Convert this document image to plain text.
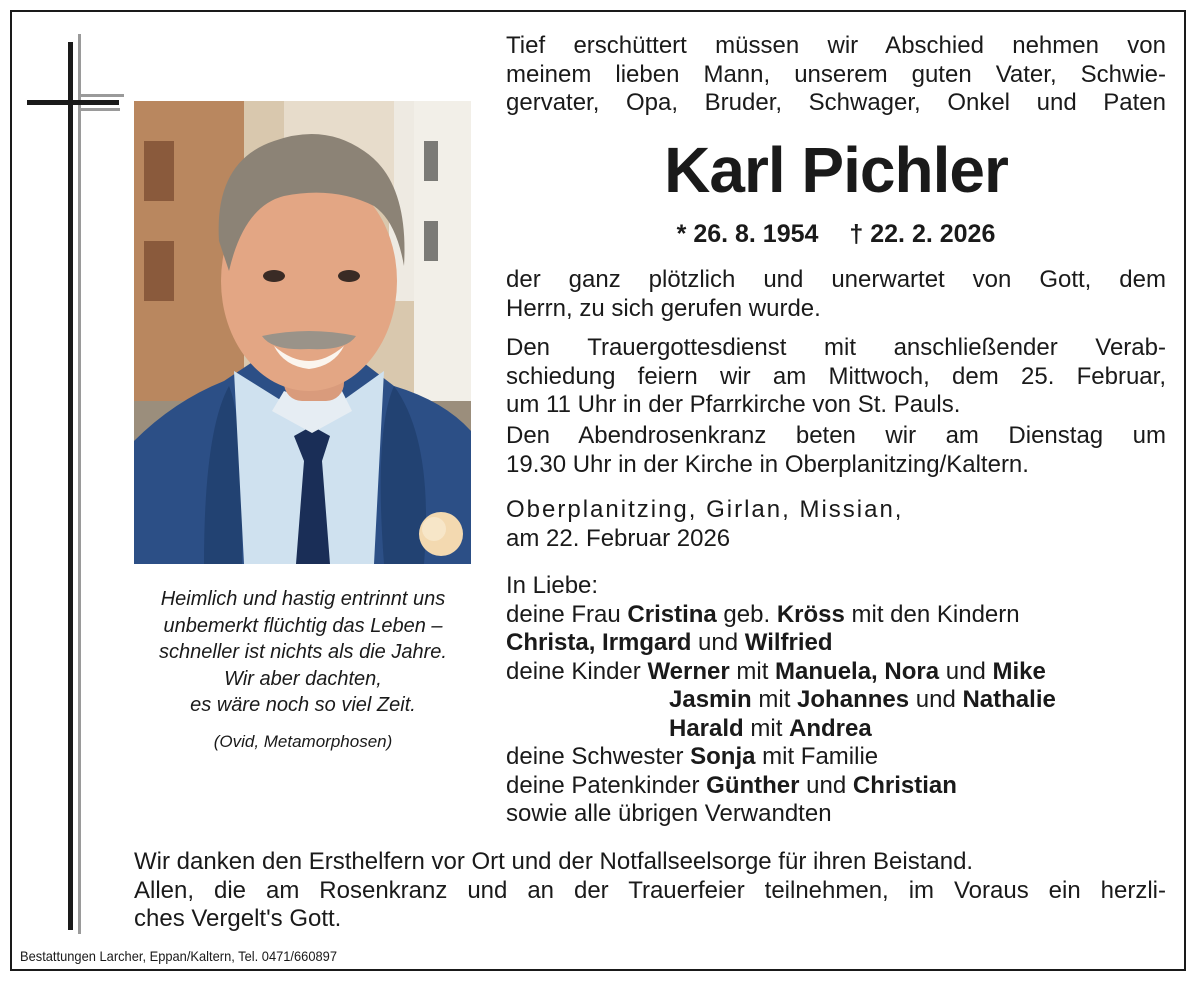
Heimlich und hastig entrinnt uns
unbemerkt flüchtig das Leben –
schneller ist nichts als die Jahre.
Wir aber dachten,
es wäre noch so viel Zeit.
(Ovid, Metamorphosen)
Tief erschüttert müssen wir Abschied nehmen von
meinem lieben Mann, unserem guten Vater, Schwie-
gervater, Opa, Bruder, Schwager, Onkel und Paten
Karl Pichler
* 26. 8. 1954 † 22. 2. 2026
der ganz plötzlich und unerwartet von Gott, dem
Herrn, zu sich gerufen wurde.
Den Trauergottesdienst mit anschließender Verab-
schiedung feiern wir am Mittwoch, dem 25. Februar,
um 11 Uhr in der Pfarrkirche von St. Pauls.
Den Abendrosenkranz beten wir am Dienstag um
19.30 Uhr in der Kirche in Oberplanitzing/Kaltern.
Oberplanitzing, Girlan, Missian,
am 22. Februar 2026
In Liebe:
deine Frau Cristina geb. Kröss mit den Kindern
Christa, Irmgard und Wilfried
deine Kinder Werner mit Manuela, Nora und Mike
Jasmin mit Johannes und Nathalie
Harald mit Andrea
deine Schwester Sonja mit Familie
deine Patenkinder Günther und Christian
sowie alle übrigen Verwandten
Wir danken den Ersthelfern vor Ort und der Notfallseelsorge für ihren Beistand.
Allen, die am Rosenkranz und an der Trauerfeier teilnehmen, im Voraus ein herzli-
ches Vergelt's Gott.
Bestattungen Larcher, Eppan/Kaltern, Tel. 0471/660897
